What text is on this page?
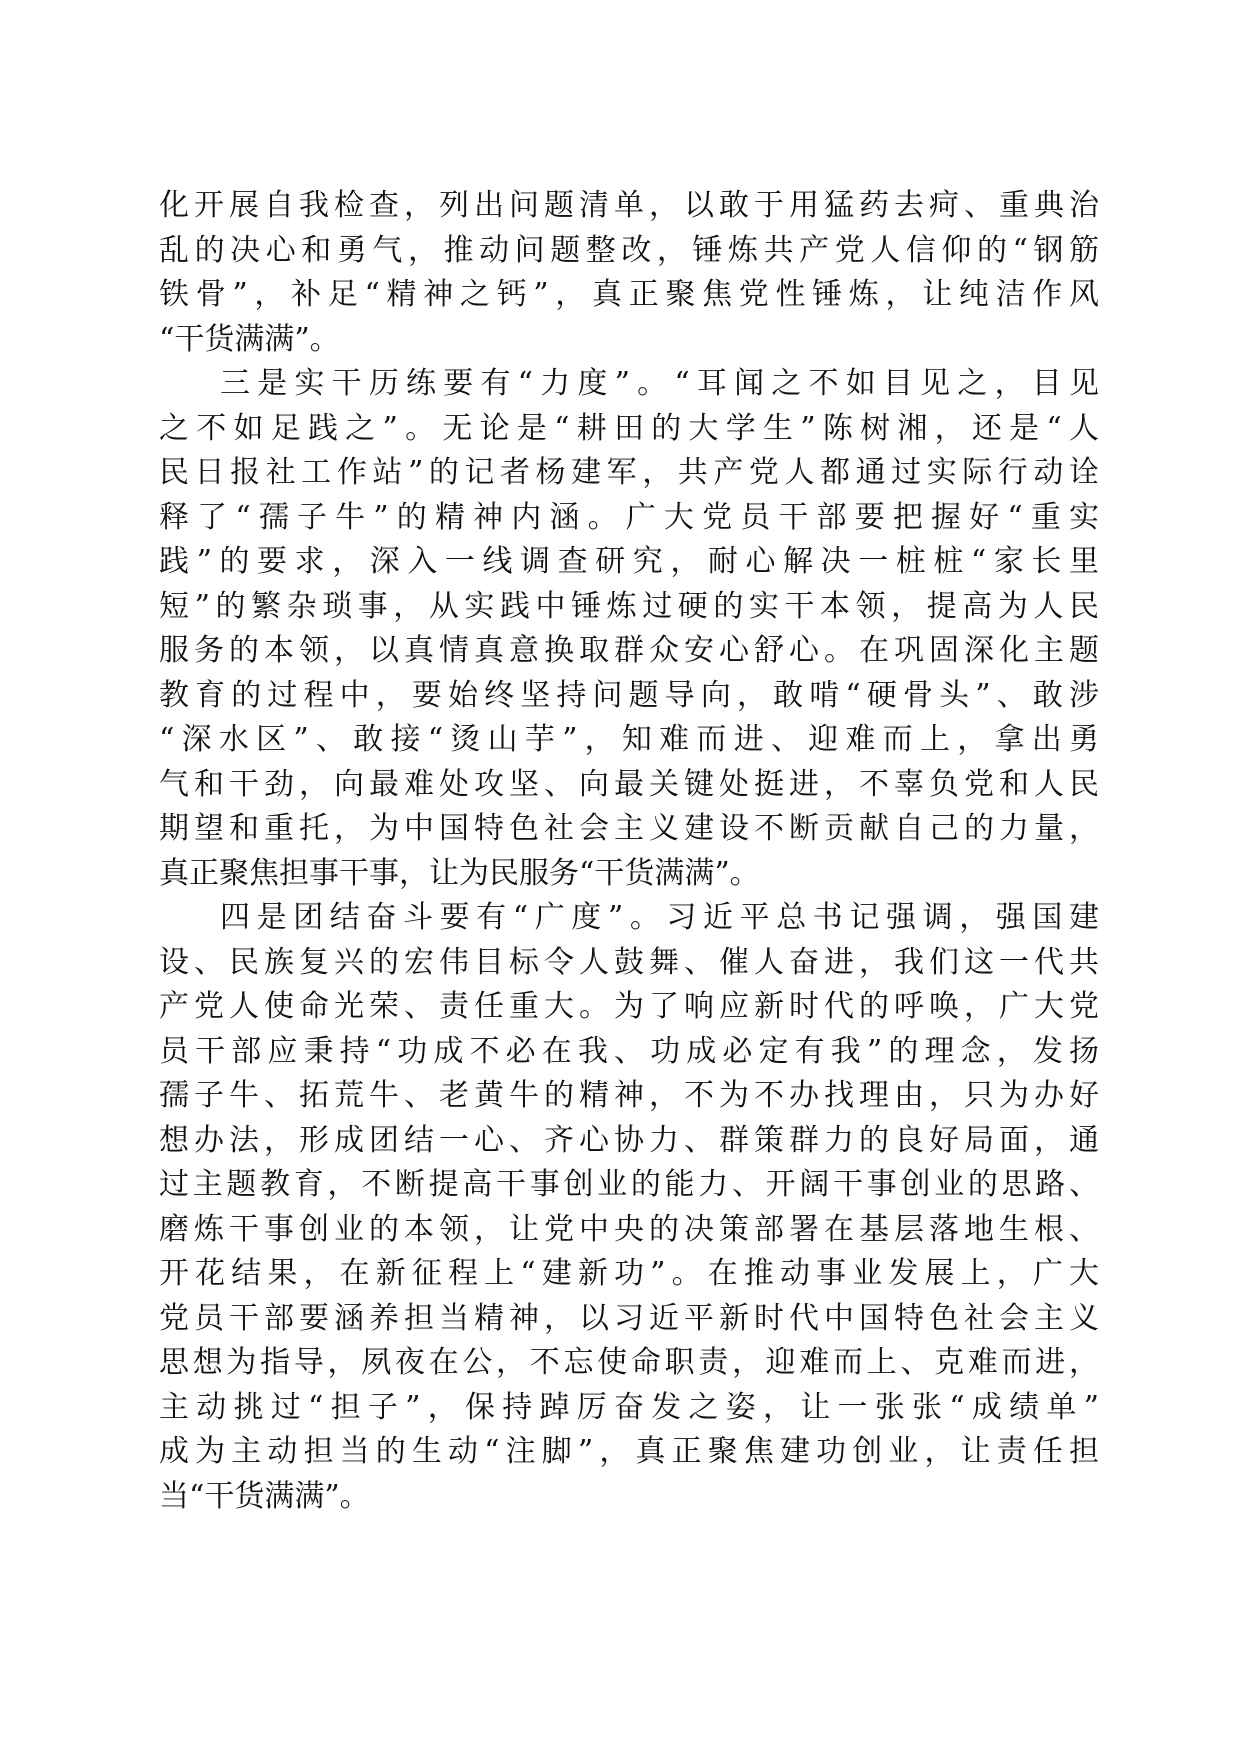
化开展自我检查，列出问题清单，以敢于用猛药去疴、重典治
乱的决心和勇气，推动问题整改，锤炼共产党人信仰的“钢筋
铁骨”，补足“精神之钙”，真正聚焦党性锤炼，让纯洁作风
“干货满满”。
三是实干历练要有“力度”。“耳闻之不如目见之，目见
之不如足践之”。无论是“耕田的大学生”陈树湘，还是“人
民日报社工作站”的记者杨建军，共产党人都通过实际行动诠
释了“孺子牛”的精神内涵。广大党员干部要把握好“重实
践”的要求，深入一线调查研究，耐心解决一桩桩“家长里
短”的繁杂琐事，从实践中锤炼过硬的实干本领，提高为人民
服务的本领，以真情真意换取群众安心舒心。在巩固深化主题
教育的过程中，要始终坚持问题导向，敢啃“硬骨头”、敢涉
“深水区”、敢接“烫山芋”，知难而进、迎难而上，拿出勇
气和干劲，向最难处攻坚、向最关键处挺进，不辜负党和人民
期望和重托，为中国特色社会主义建设不断贡献自己的力量，
真正聚焦担事干事，让为民服务“干货满满”。
四是团结奋斗要有“广度”。习近平总书记强调，强国建
设、民族复兴的宏伟目标令人鼓舞、催人奋进，我们这一代共
产党人使命光荣、责任重大。为了响应新时代的呼唤，广大党
员干部应秉持“功成不必在我、功成必定有我”的理念，发扬
孺子牛、拓荒牛、老黄牛的精神，不为不办找理由，只为办好
想办法，形成团结一心、齐心协力、群策群力的良好局面，通
过主题教育，不断提高干事创业的能力、开阔干事创业的思路、
磨炼干事创业的本领，让党中央的决策部署在基层落地生根、
开花结果，在新征程上“建新功”。在推动事业发展上，广大
党员干部要涵养担当精神，以习近平新时代中国特色社会主义
思想为指导，夙夜在公，不忘使命职责，迎难而上、克难而进，
主动挑过“担子”，保持踔厉奋发之姿，让一张张“成绩单”
成为主动担当的生动“注脚”，真正聚焦建功创业，让责任担
当“干货满满”。
